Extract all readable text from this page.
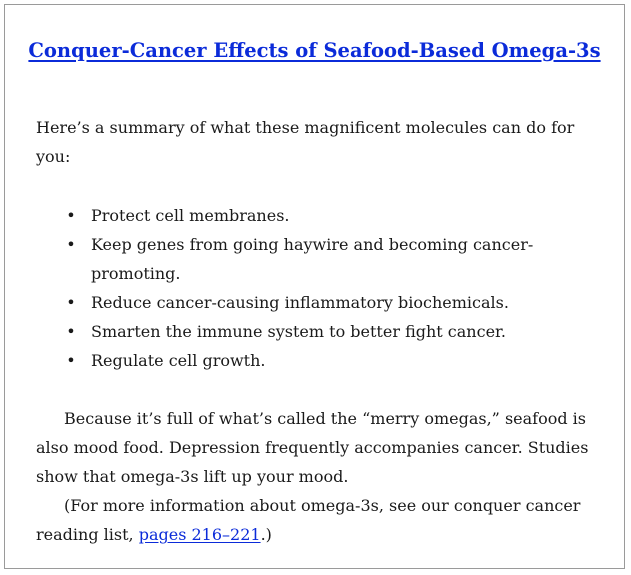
Conquer-Cancer Effects of Seafood-Based Omega-3s

Here’s a summary of what these magnificent molecules can do for you:

• Protect cell membranes.
• Keep genes from going haywire and becoming cancer-promoting.
• Reduce cancer-causing inflammatory biochemicals.
• Smarten the immune system to better fight cancer.
• Regulate cell growth.

Because it’s full of what’s called the “merry omegas,” seafood is also mood food. Depression frequently accompanies cancer. Studies show that omega-3s lift up your mood.

(For more information about omega-3s, see our conquer cancer reading list, pages 216–221.)
